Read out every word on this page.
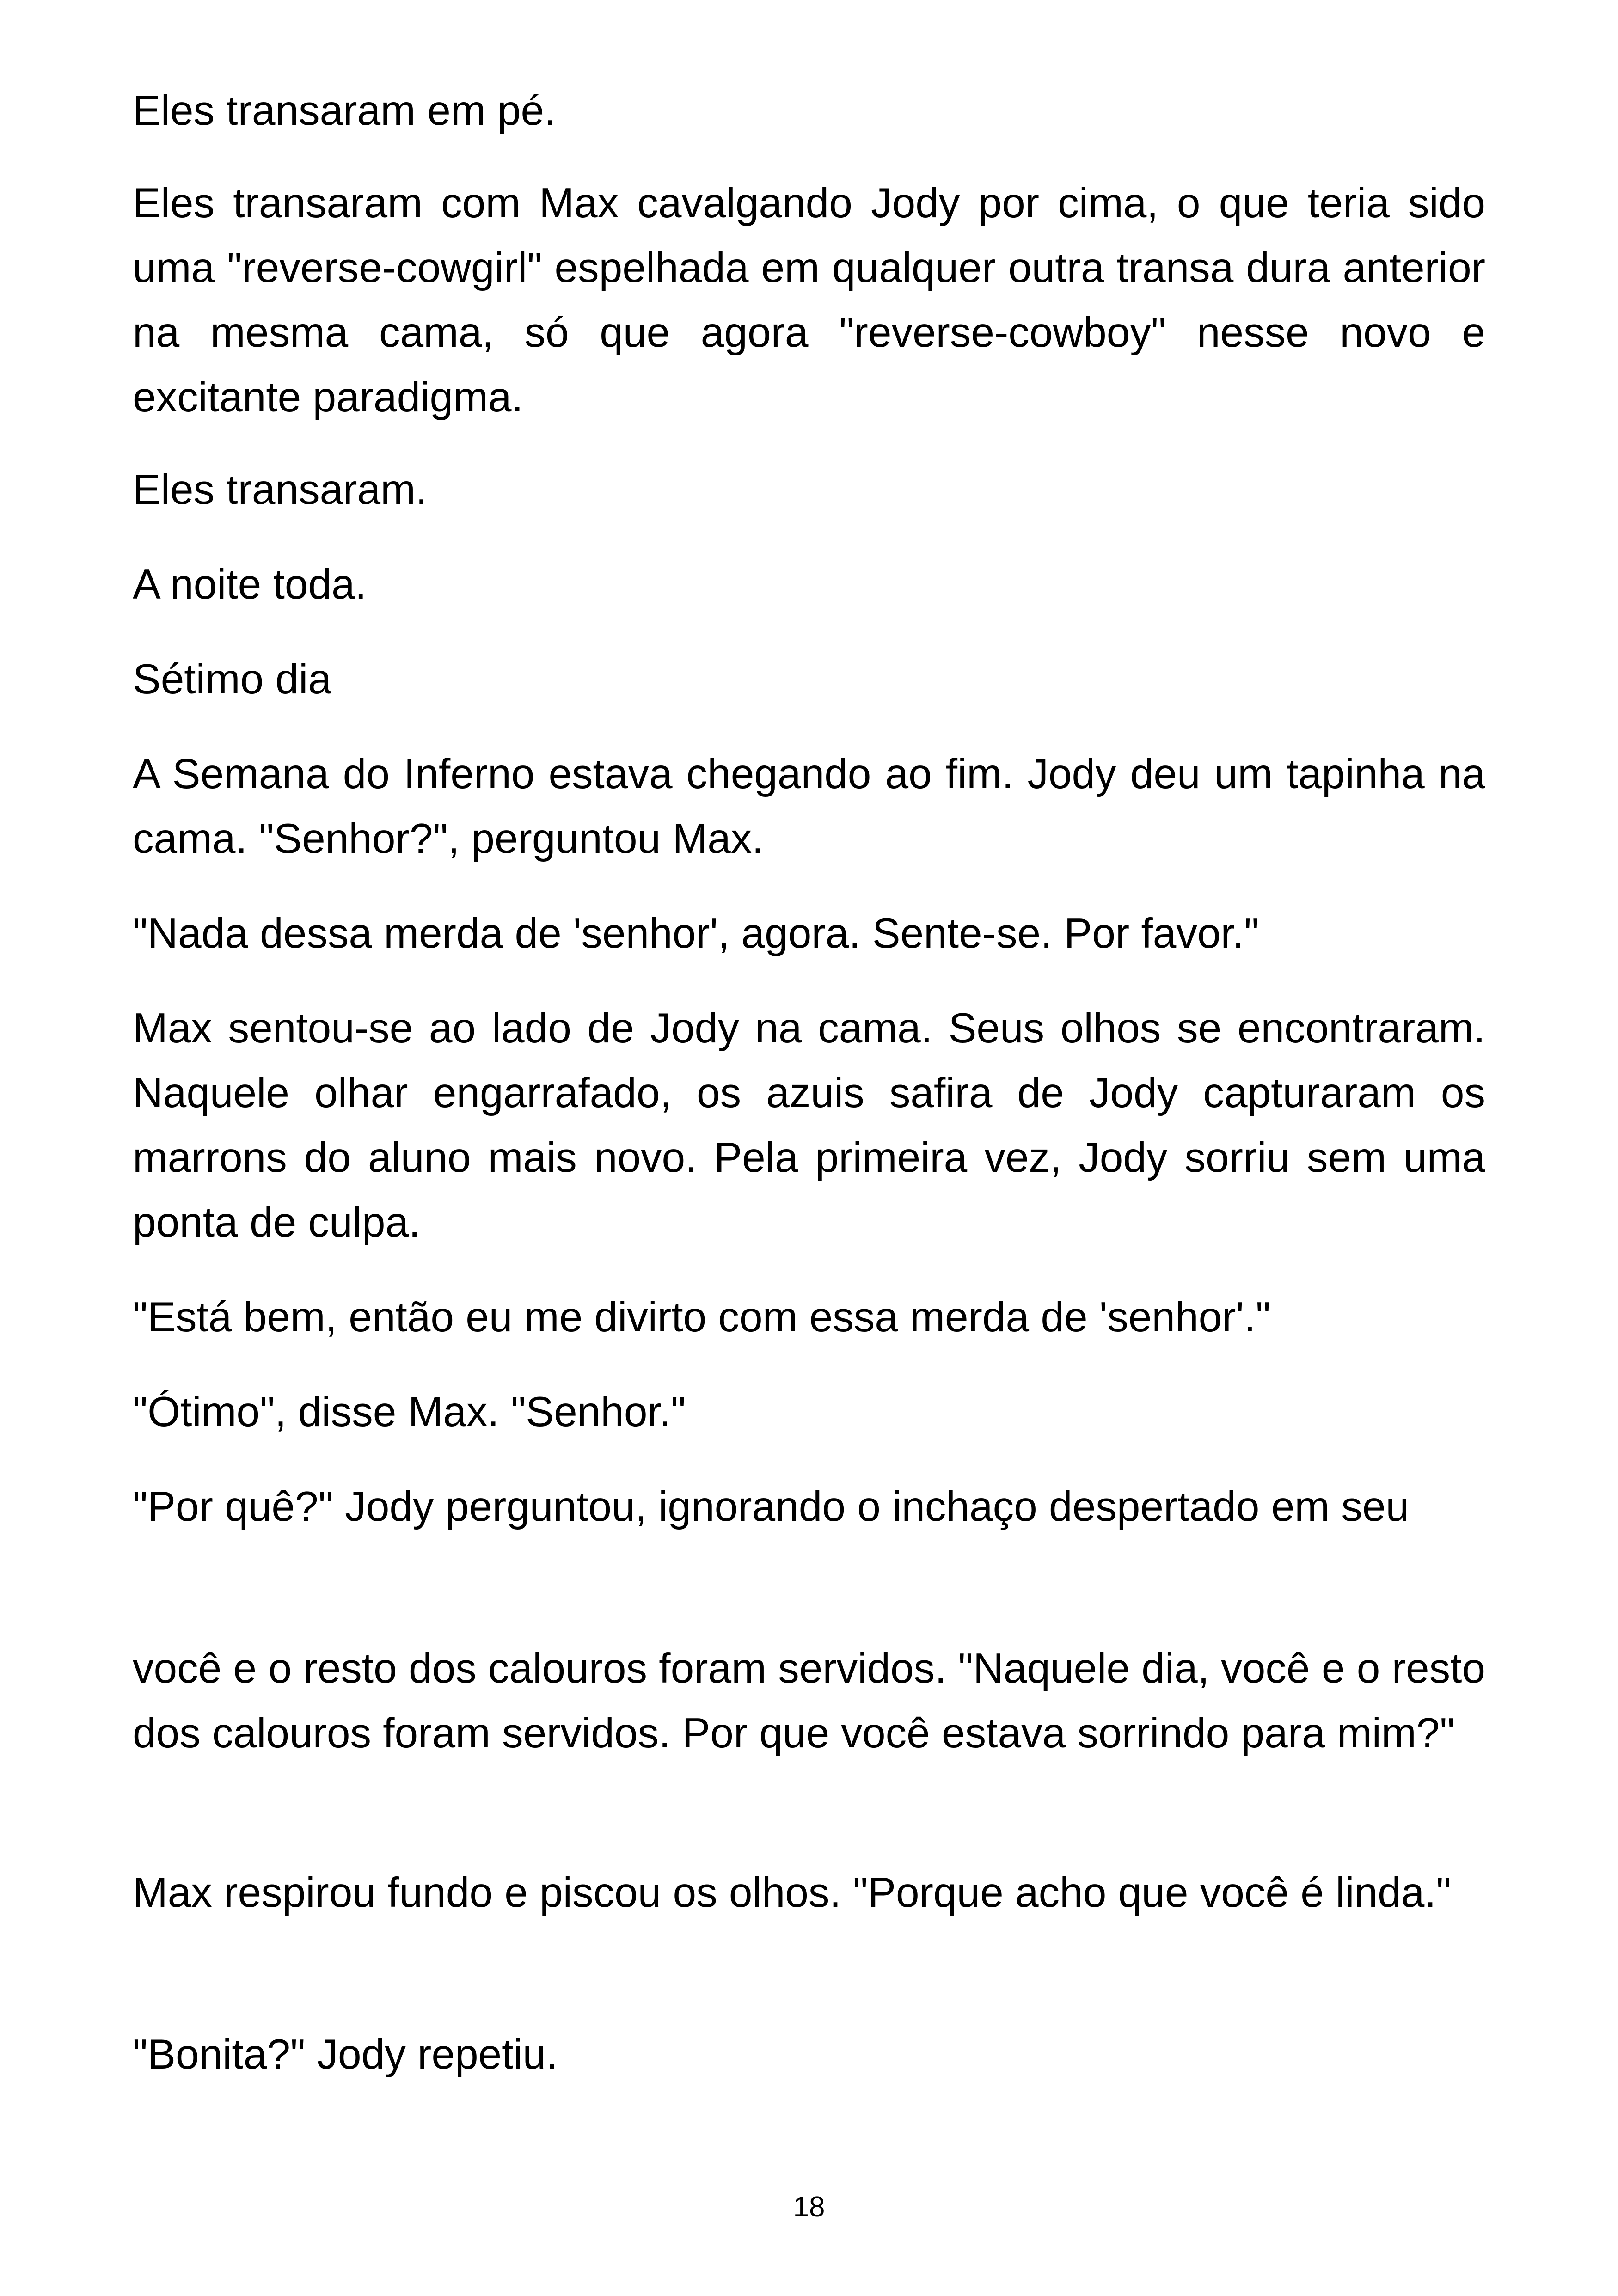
Eles transaram em pé.

Eles transaram com Max cavalgando Jody por cima, o que teria sido uma "reverse-cowgirl" espelhada em qualquer outra transa dura anterior na mesma cama, só que agora "reverse-cowboy" nesse novo e excitante paradigma.

Eles transaram.

A noite toda.

Sétimo dia

A Semana do Inferno estava chegando ao fim. Jody deu um tapinha na cama. "Senhor?", perguntou Max.

"Nada dessa merda de 'senhor', agora. Sente-se. Por favor."

Max sentou-se ao lado de Jody na cama. Seus olhos se encontraram. Naquele olhar engarrafado, os azuis safira de Jody capturaram os marrons do aluno mais novo. Pela primeira vez, Jody sorriu sem uma ponta de culpa.

"Está bem, então eu me divirto com essa merda de 'senhor'."

"Ótimo", disse Max. "Senhor."

"Por quê?" Jody perguntou, ignorando o inchaço despertado em seu

você e o resto dos calouros foram servidos. "Naquele dia, você e o resto dos calouros foram servidos. Por que você estava sorrindo para mim?"

Max respirou fundo e piscou os olhos. "Porque acho que você é linda."

"Bonita?" Jody repetiu.

18
